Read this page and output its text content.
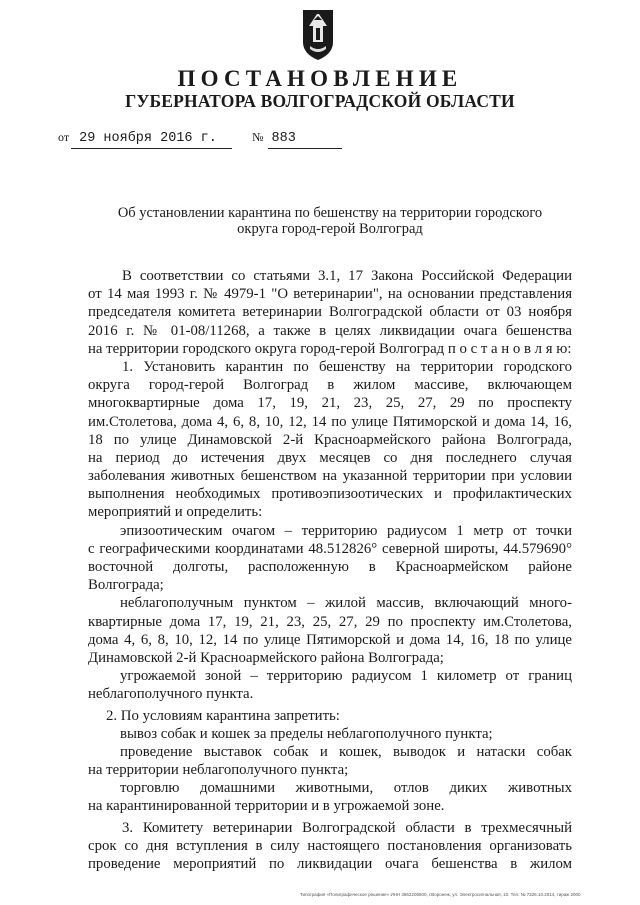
ПОСТАНОВЛЕНИЕ
ГУБЕРНАТОРА ВОЛГОГРАДСКОЙ ОБЛАСТИ
от 29 ноября 2016 г.	№ 883
Об установлении карантина по бешенству на территории городского
округа город-герой Волгоград
В соответствии со статьями 3.1, 17 Закона Российской Федерации
от 14 мая 1993 г. № 4979-1 "О ветеринарии", на основании представления
председателя комитета ветеринарии Волгоградской области от 03 ноября
2016 г. № 01-08/11268, а также в целях ликвидации очага бешенства
на территории городского округа город-герой Волгоград п о с т а н о в л я ю:
1. Установить карантин по бешенству на территории городского
округа город-герой Волгоград в жилом массиве, включающем
многоквартирные дома 17, 19, 21, 23, 25, 27, 29 по проспекту
им.Столетова, дома 4, 6, 8, 10, 12, 14 по улице Пятиморской и дома 14, 16,
18 по улице Динамовской 2-й Красноармейского района Волгограда,
на период до истечения двух месяцев со дня последнего случая
заболевания животных бешенством на указанной территории при условии
выполнения необходимых противоэпизоотических и профилактических
мероприятий и определить:
эпизоотическим очагом – территорию радиусом 1 метр от точки
с географическими координатами 48.512826° северной широты, 44.579690°
восточной долготы, расположенную в Красноармейском районе
Волгограда;
неблагополучным пунктом – жилой массив, включающий много-
квартирные дома 17, 19, 21, 23, 25, 27, 29 по проспекту им.Столетова,
дома 4, 6, 8, 10, 12, 14 по улице Пятиморской и дома 14, 16, 18 по улице
Динамовской 2-й Красноармейского района Волгограда;
угрожаемой зоной – территорию радиусом 1 километр от границ
неблагополучного пункта.
2. По условиям карантина запретить:
вывоз собак и кошек за пределы неблагополучного пункта;
проведение выставок собак и кошек, выводок и натаски собак
на территории неблагополучного пункта;
торговлю домашними животными, отлов диких животных
на карантинированной территории и в угрожаемой зоне.
3. Комитету ветеринарии Волгоградской области в трехмесячный
срок со дня вступления в силу настоящего постановления организовать
проведение мероприятий по ликвидации очага бешенства в жилом
Типография «Полиграфическое решение» ИНН 3662206800, г.Воронеж, ул. Электросигнальная, 10. Тел. № 7326.10.2014, тираж 2000
